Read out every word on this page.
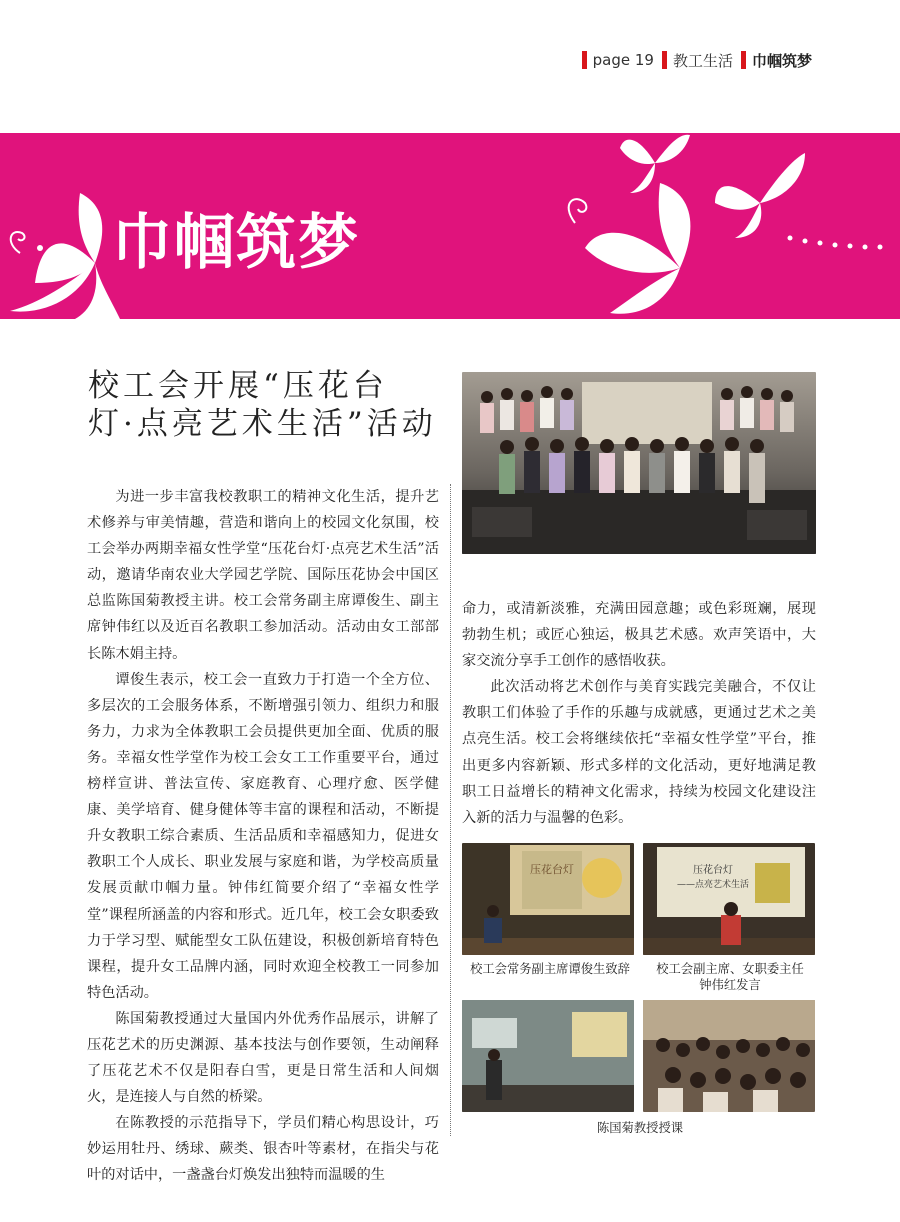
page 19 教工生活 巾帼筑梦
巾帼筑梦
校工会开展“压花台
灯·点亮艺术生活”活动

为进一步丰富我校教职工的精神文化生活，提升艺术修养与审美情趣，营造和谐向上的校园文化氛围，校工会举办两期幸福女性学堂“压花台灯·点亮艺术生活”活动，邀请华南农业大学园艺学院、国际压花协会中国区总监陈国菊教授主讲。校工会常务副主席谭俊生、副主席钟伟红以及近百名教职工参加活动。活动由女工部部长陈木娟主持。

谭俊生表示，校工会一直致力于打造一个全方位、多层次的工会服务体系，不断增强引领力、组织力和服务力，力求为全体教职工会员提供更加全面、优质的服务。幸福女性学堂作为校工会女工工作重要平台，通过榜样宣讲、普法宣传、家庭教育、心理疗愈、医学健康、美学培育、健身健体等丰富的课程和活动，不断提升女教职工综合素质、生活品质和幸福感知力，促进女教职工个人成长、职业发展与家庭和谐，为学校高质量发展贡献巾帼力量。钟伟红简要介绍了“幸福女性学堂”课程所涵盖的内容和形式。近几年，校工会女职委致力于学习型、赋能型女工队伍建设，积极创新培育特色课程，提升女工品牌内涵，同时欢迎全校教工一同参加特色活动。

陈国菊教授通过大量国内外优秀作品展示，讲解了压花艺术的历史渊源、基本技法与创作要领，生动阐释了压花艺术不仅是阳春白雪，更是日常生活和人间烟火，是连接人与自然的桥梁。

在陈教授的示范指导下，学员们精心构思设计，巧妙运用牡丹、绣球、蕨类、银杏叶等素材，在指尖与花叶的对话中，一盏盏台灯焕发出独特而温暖的生

命力，或清新淡雅，充满田园意趣；或色彩斑斓，展现勃勃生机；或匠心独运，极具艺术感。欢声笑语中，大家交流分享手工创作的感悟收获。

此次活动将艺术创作与美育实践完美融合，不仅让教职工们体验了手作的乐趣与成就感，更通过艺术之美点亮生活。校工会将继续依托“幸福女性学堂”平台，推出更多内容新颖、形式多样的文化活动，更好地满足教职工日益增长的精神文化需求，持续为校园文化建设注入新的活力与温馨的色彩。

压花台灯	压花台灯
——点亮艺术生活
校工会常务副主席谭俊生致辞	校工会副主席、女职委主任
钟伟红发言
陈国菊教授授课
